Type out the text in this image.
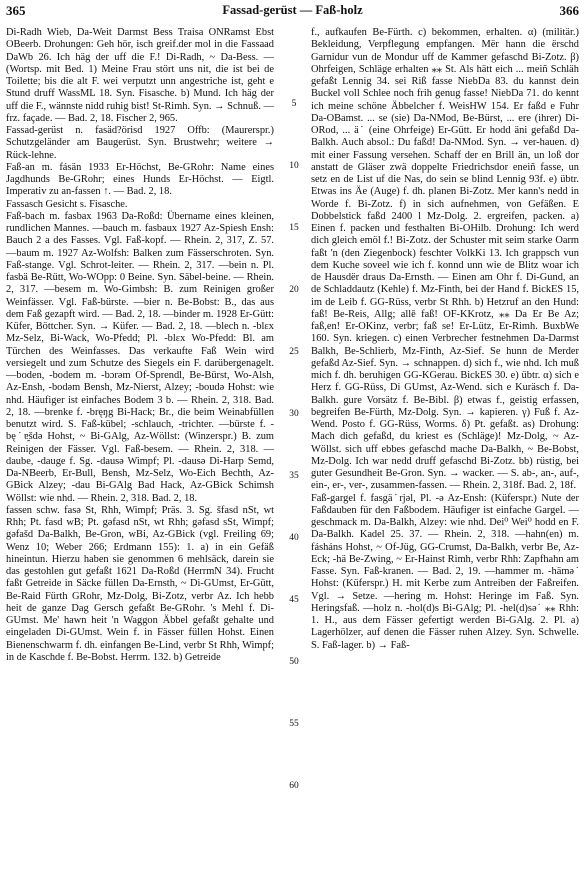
365	Fassad-gerüst — Faß-holz	366

Di-Radh Wieb, Da-Weit Darmst Bess Traisa ONRamst Ebst OBeerb. Drohungen: Geh hör, isch greif.der mol in die Fassaad DaWb 26. Ich häg der uff die F.! Di-Radh, ~ Da-Bess. — (Wortsp. mit Bed. 1) Meine Frau stört uns nit, die ist bei de Toilette; bis die alt F. wei verputzt unn angestriche ist, geht e Stund druff WassML 18. Syn. Fisasche. b) Mund. Ich häg der uff die F., wännste nidd ruhig bist! St-Rimh. Syn. → Schnuß. — frz. façade. — Bad. 2, 18. Fischer 2, 965.

Fassad-gerüst n. fasäd?örisd 1927 Offb: (Maurerspr.) Schutzgeländer am Baugerüst. Syn. Brustwehr; weitere → Rück-lehne.

Faß-an m. fásän 1933 Er-Höchst, Be-GRohr: Name eines Jagdhunds Be-GRohr; eines Hunds Er-Höchst. — Eigtl. Imperativ zu an-fassen ↑. — Bad. 2, 18.

Fassasch Gesicht s. Fisasche.

Faß-bach m. fasbax 1963 Da-Roßd: Übername eines kleinen, rundlichen Mannes. —bauch m. fasbaux 1927 Az-Spiesh Ensh: Bauch 2 a des Fasses. Vgl. Faß-kopf. — Rhein. 2, 317, Z. 57. —baum m. 1927 Az-Wolfsh: Balken zum Fässerschroten. Syn. Faß-stange. Vgl. Schrot-leiter. — Rhein. 2, 317. —bein n. Pl. fasbä Be-Rütt, Wo-WOpp: 0 Beine. Syn. Säbel-beine. — Rhein. 2, 317. —besem m. Wo-Gimbsh: B. zum Reinigen großer Weinfässer. Vgl. Faß-bürste. —bier n. Be-Bobst: B., das aus dem Faß gezapft wird. — Bad. 2, 18. —binder m. 1928 Er-Gütt: Küfer, Böttcher. Syn. → Küfer. — Bad. 2, 18. —blech n. -blɛx Mz-Selz, Bi-Wack, Wo-Pfedd; Pl. -blɛx Wo-Pfedd: Bl. am Türchen des Weinfasses. Das verkaufte Faß Wein wird versiegelt und zum Schutze des Siegels ein F. darübergenagelt. —boden, -bodem m. -bɔrəm Of-Sprendl, Be-Bürst, Wo-Alsh, Az-Ensh, -bodəm Bensh, Mz-Nierst, Alzey; -boudə Hohst: wie nhd. Häufiger ist einfaches Bodem 3 b. — Rhein. 2, 318. Bad. 2, 18. —brenke f. -bręŋg Bi-Hack; Br., die beim Weinabfüllen benutzt wird. S. Faß-kübel; -schlauch, -trichter. —bürste f. -bę˙ɐ̯šdə Hohst, ~ Bi-GAlg, Az-Wöllst: (Winzerspr.) B. zum Reinigen der Fässer. Vgl. Faß-besem. — Rhein. 2, 318. —daube, -dauge f. Sg. -dausə Wimpf; Pl. -dausə Di-Harp Semd, Da-NBeerb, Er-Bull, Bensh, Mz-Selz, Wo-Eich Bechth, Az-GBick Alzey; -dau Bi-GAlg Bad Hack, Az-GBick Schimsh Wöllst: wie nhd. — Rhein. 2, 318. Bad. 2, 18.

fassen schw. fasə St, Rhh, Wimpf; Präs. 3. Sg. šfasd nSt, wt Rhh; Pt. fasd wB; Pt. gəfasd nSt, wt Rhh; gəfasd sSt, Wimpf; gəfašd Da-Balkh, Be-Gron, wBi, Az-GBick (vgl. Freiling 69; Wenz 10; Weber 266; Erdmann 155): 1. a) in ein Gefäß hineintun. Hierzu haben sie genommen 6 mehlsäck, darein sie das gestohlen gut gefaßt 1621 Da-Roßd (HerrmN 34). Frucht faßt Getreide in Säcke füllen Da-Ernsth, ~ Di-GUmst, Er-Gütt, Be-Raid Fürth GRohr, Mz-Dolg, Bi-Zotz, verbr Az. Ich hebb heit de ganze Dag Gersch gefaßt Be-GRohr. 's Mehl f. Di-GUmst. Me' hawn heit 'n Waggon Äbbel gefaßt gehalte und eingeladen Di-GUmst. Wein f. in Fässer füllen Hohst. Einen Bienenschwarm f. dh. einfangen Be-Lind, verbr St Rhh, Wimpf; in de Kaschde f. Be-Bobst. Herrm. 132. b) Getreide

5
10
15
20
25
30
35
40
45
50
55
60

f., aufkaufen Be-Fürth. c) bekommen, erhalten. α) (militär.) Bekleidung, Verpflegung empfangen. Mër hann die ërschd Garnidur vun de Mondur uff de Kammer gefaschd Bi-Zotz. β) Ohrfeigen, Schläge erhalten ⁎⁎ St. Als hätt eich ... meiñ Schläh gefaßt Lennig 34. sei Riß fasse NiebDa 83. du kannst dein Buckel voll Schlee noch frih genug fasse! NiebDa 71. do kennt ich meine schöne Äbbelcher f. WeisHW 154. Er faßd e Fuhr Da-OBamst. ... se (sie) Da-NMod, Be-Bürst, ... ere (ihrer) Di-ORod, ... ä˙ (eine Ohrfeige) Er-Gütt. Er hodd äni gefaßd Da-Balkh. Auch absol.: Du faßd! Da-NMod. Syn. → ver-hauen. d) mit einer Fassung versehen. Schaff der en Brill än, un loß dor anstatt de Gläser zwä doppelte Friedrichsdor eneiñ fasse, un setz en de List uf die Nas, do sein se blind Lennig 93f. e) übtr. Etwas ins Äe (Auge) f. dh. planen Bi-Zotz. Mer kann's nedd in Worde f. Bi-Zotz. f) in sich aufnehmen, von Gefäßen. E Dobbelstick faßd 2400 l Mz-Dolg. 2. ergreifen, packen. a) Einen f. packen und festhalten Bi-OHilb. Drohung: Ich werd dich gleich emöl f.! Bi-Zotz. der Schuster mit seim starke Oarm faßt 'n (den Ziegenbock) feschter VolkKi 13. Ich grappsch vun dem Kuche soveel wie ich f. konnd unn wie de Blitz woar ich de Hausdër draus Da-Ernsth. — Einen am Ohr f. Di-Gund, an de Schladdautz (Kehle) f. Mz-Finth, bei der Hand f. BickES 15, im de Leib f. GG-Rüss, verbr St Rhh. b) Hetzruf an den Hund: faß! Be-Reis, Allg; allē faß! OF-KKrotz, ⁎⁎ Da Er Be Az; faß,en! Er-OKinz, verbr; faß se! Er-Lütz, Er-Rimh. BuxbWe 160. Syn. kriegen. c) einen Verbrecher festnehmen Da-Darmst Balkh, Be-Schlierb, Mz-Finth, Az-Sief. Se hunn de Merder gefaßd Az-Sief. Syn. → schnappen. d) sich f., wie nhd. Ich muß mich f. dh. beruhigen GG-KGerau. BickES 30. e) übtr. α) sich e Herz f. GG-Rüss, Di GUmst, Az-Wend. sich e Kuräsch f. Da-Balkh. gure Vorsätz f. Be-Bibl. β) etwas f., geistig erfassen, begreifen Be-Fürth, Mz-Dolg. Syn. → kapieren. γ) Fuß f. Az-Wend. Posto f. GG-Rüss, Worms. δ) Pt. gefaßt. as) Drohung: Mach dich gefaßd, du kriest es (Schläge)! Mz-Dolg, ~ Az-Wöllst. sich uff ebbes gefaschd mache Da-Balkh, ~ Be-Bobst, Mz-Dolg. Ich war nedd druff gefaschd Bi-Zotz. bb) rüstig, bei guter Gesundheit Be-Gron. Syn. → wacker. — S. ab-, an-, auf-, ein-, er-, ver-, zusammen-fassen. — Rhein. 2, 318f. Bad. 2, 18f.

Faß-gargel f. fasgä˙rjəl, Pl. -ə Az-Ensh: (Küferspr.) Nute der Faßdauben für den Faßbodem. Häufiger ist einfache Gargel. —geschmack m. Da-Balkh, Alzey: wie nhd. Dei⁰ Wei⁰ hodd en F. Da-Balkh. Kadel 25. 37. — Rhein. 2, 318. —hahn(en) m. fásháns Hohst, ~ Of-Jüg, GG-Crumst, Da-Balkh, verbr Be, Az-Eck; -hä Be-Zwing, ~ Er-Hainst Rimh, verbr Rhh: Zapfhahn am Fasse. Syn. Faß-kranen. — Bad. 2, 19. —hammer m. -hämə˙ Hohst: (Küferspr.) H. mit Kerbe zum Antreiben der Faßreifen. Vgl. → Setze. —hering m. Hohst: Heringe im Faß. Syn. Heringsfaß. —holz n. -hol(d)s Bi-GAlg; Pl. -hel(d)sə˙ ⁎⁎ Rhh: 1. H., aus dem Fässer gefertigt werden Bi-GAlg. 2. Pl. a) Lagerhölzer, auf denen die Fässer ruhen Alzey. Syn. Schwelle. S. Faß-lager. b) → Faß-
